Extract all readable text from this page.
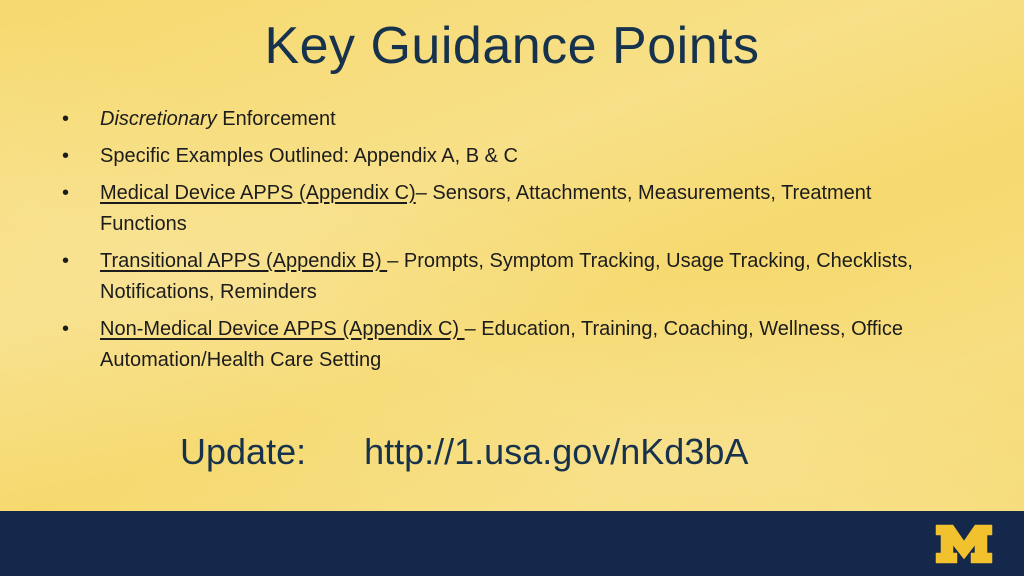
Key Guidance Points
• Discretionary Enforcement
• Specific Examples Outlined: Appendix A, B & C
• Medical Device APPS (Appendix C)– Sensors, Attachments, Measurements, Treatment Functions
• Transitional APPS (Appendix B) – Prompts, Symptom Tracking, Usage Tracking, Checklists, Notifications, Reminders
• Non-Medical Device APPS (Appendix C) – Education, Training, Coaching, Wellness, Office Automation/Health Care Setting
Update: http://1.usa.gov/nKd3bA
